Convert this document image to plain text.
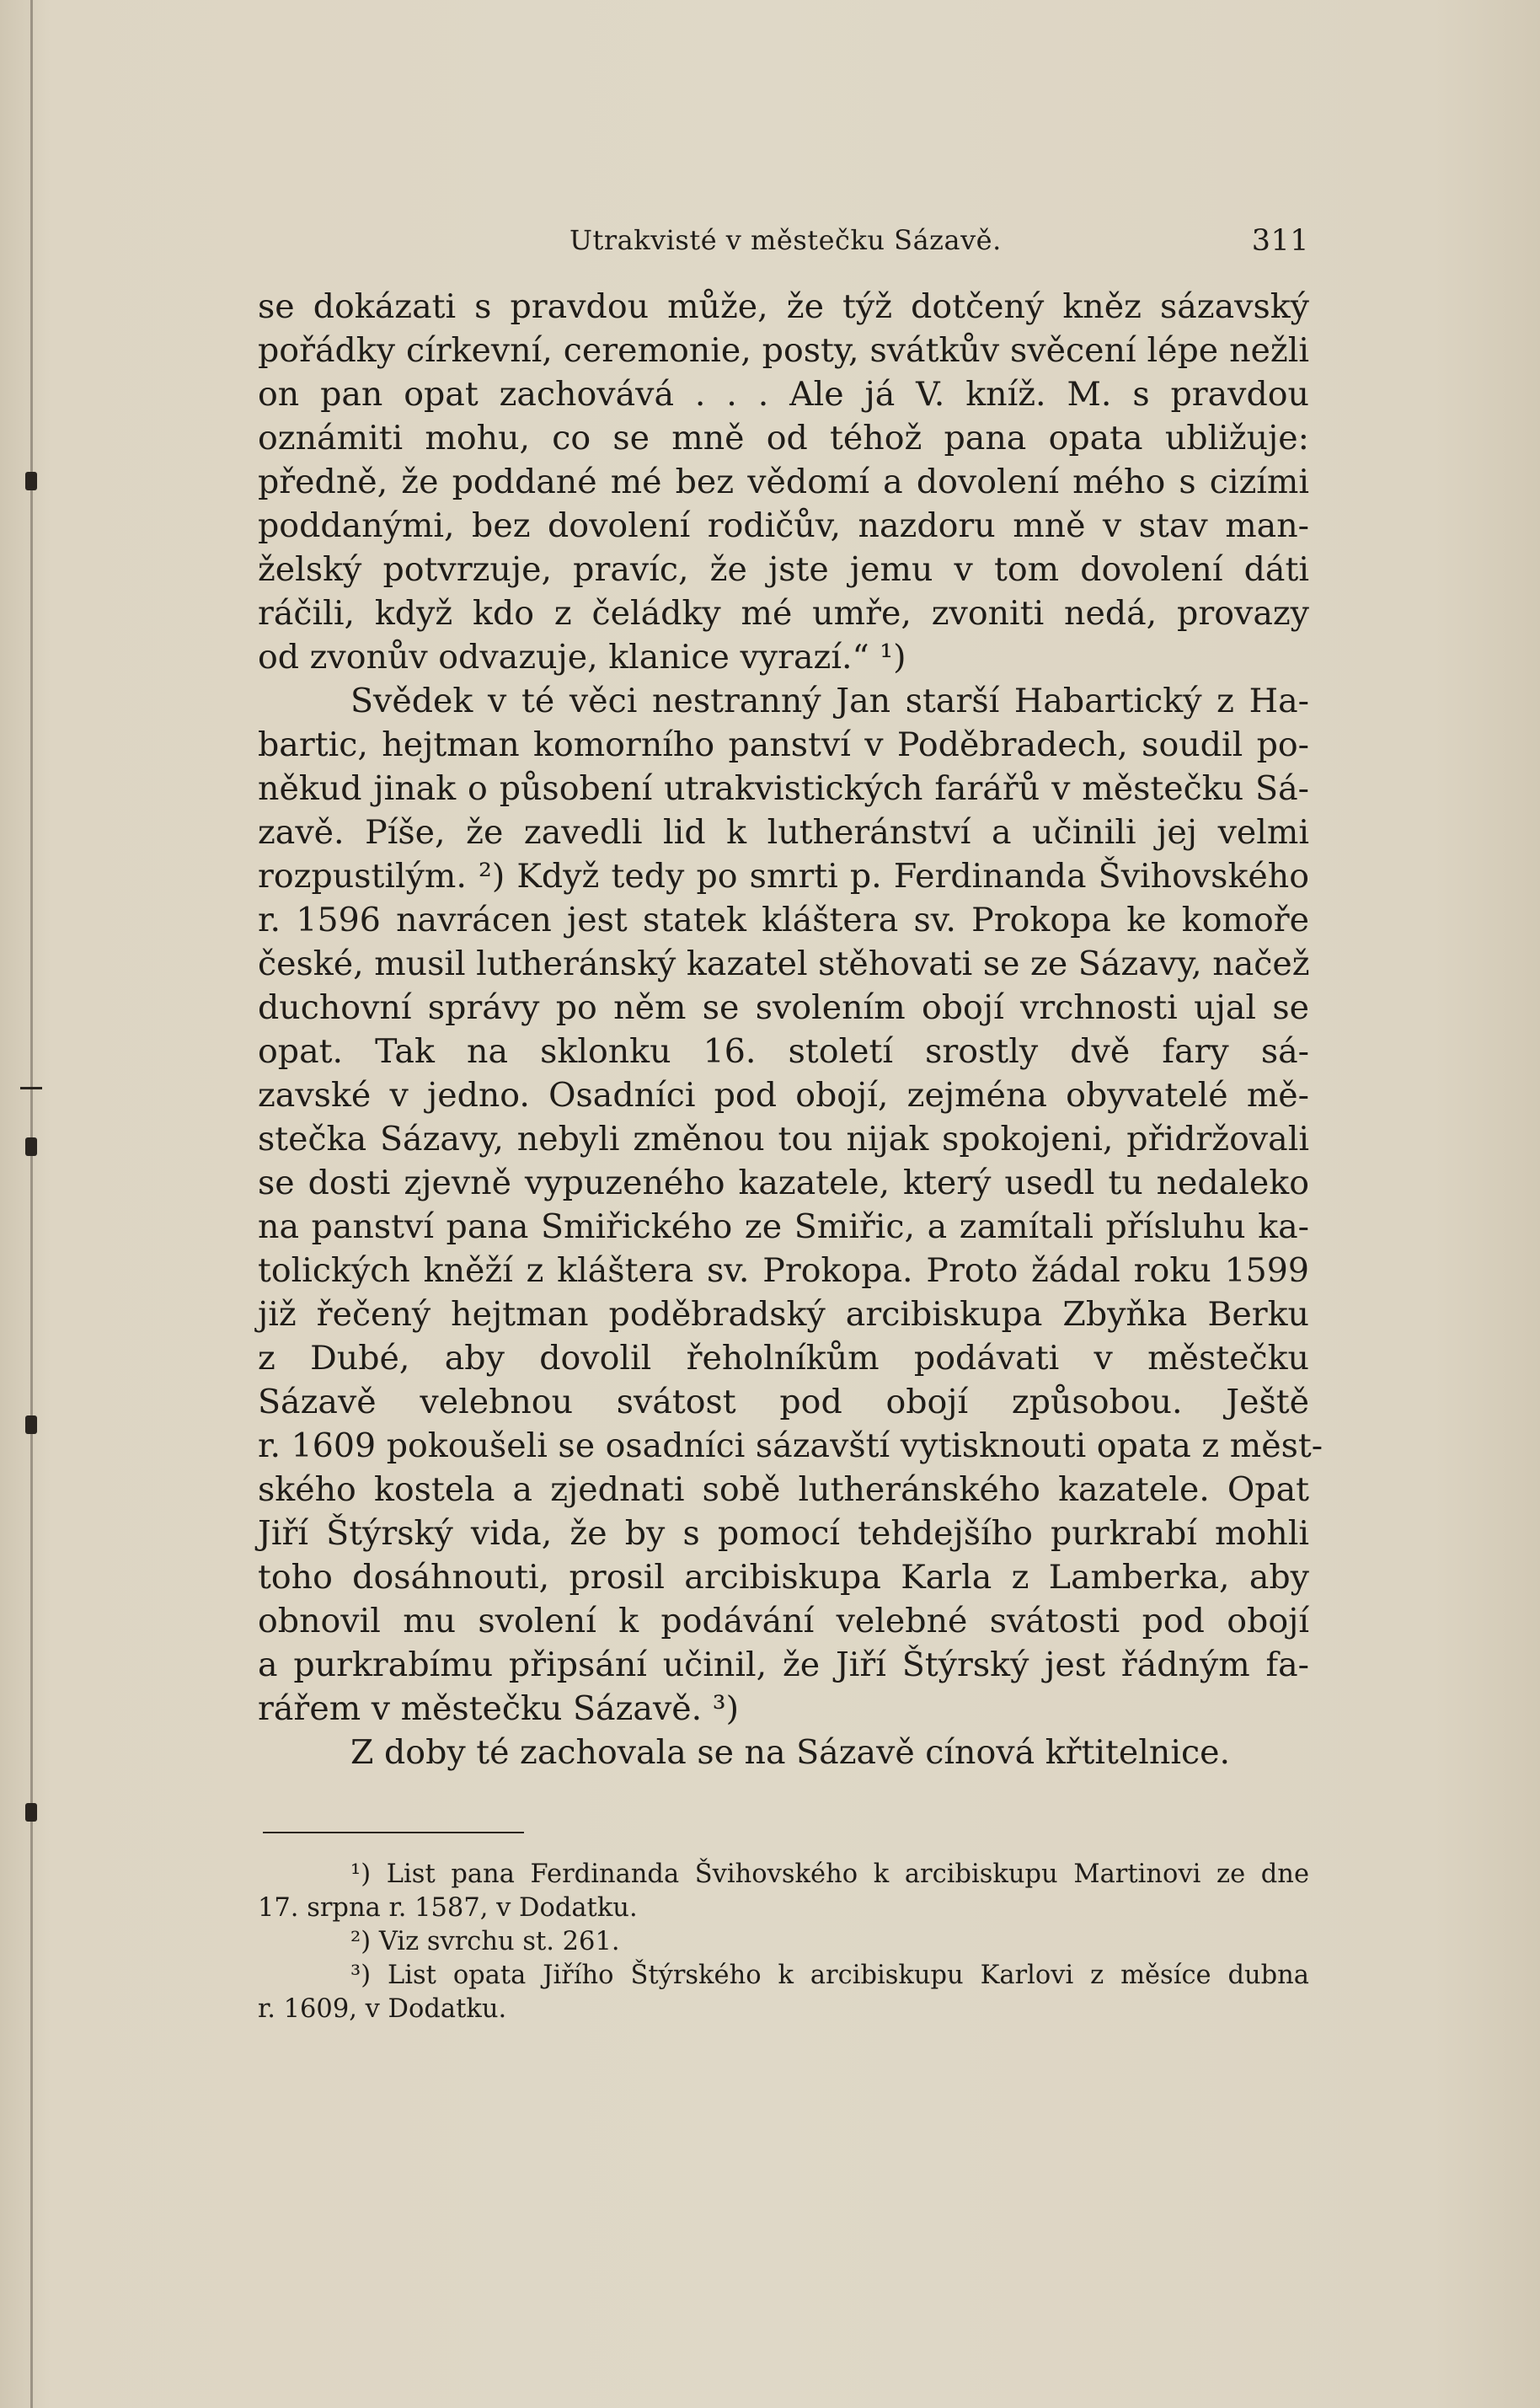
Utrakvisté v městečku Sázavě.	311
se dokázati s pravdou může, že týž dotčený kněz sázavský
pořádky církevní, ceremonie, posty, svátkův svěcení lépe nežli
on pan opat zachovává . . . Ale já V. kníž. M. s pravdou
oznámiti mohu, co se mně od téhož pana opata ubližuje:
předně, že poddané mé bez vědomí a dovolení mého s cizími
poddanými, bez dovolení rodičův, nazdoru mně v stav man-
želský potvrzuje, pravíc, že jste jemu v tom dovolení dáti
ráčili, když kdo z čeládky mé umře, zvoniti nedá, provazy
od zvonův odvazuje, klanice vyrazí.“ ¹)
Svědek v té věci nestranný Jan starší Habartický z Ha-
bartic, hejtman komorního panství v Poděbradech, soudil po-
někud jinak o působení utrakvistických farářů v městečku Sá-
zavě. Píše, že zavedli lid k lutheránství a učinili jej velmi
rozpustilým. ²) Když tedy po smrti p. Ferdinanda Švihovského
r. 1596 navrácen jest statek kláštera sv. Prokopa ke komoře
české, musil lutheránský kazatel stěhovati se ze Sázavy, načež
duchovní správy po něm se svolením obojí vrchnosti ujal se
opat. Tak na sklonku 16. století srostly dvě fary sá-
zavské v jedno. Osadníci pod obojí, zejména obyvatelé mě-
stečka Sázavy, nebyli změnou tou nijak spokojeni, přidržovali
se dosti zjevně vypuzeného kazatele, který usedl tu nedaleko
na panství pana Smiřického ze Smiřic, a zamítali přísluhu ka-
tolických kněží z kláštera sv. Prokopa. Proto žádal roku 1599
již řečený hejtman poděbradský arcibiskupa Zbyňka Berku
z Dubé, aby dovolil řeholníkům podávati v městečku
Sázavě velebnou svátost pod obojí způsobou. Ještě
r. 1609 pokoušeli se osadníci sázavští vytisknouti opata z měst-
ského kostela a zjednati sobě lutheránského kazatele. Opat
Jiří Štýrský vida, že by s pomocí tehdejšího purkrabí mohli
toho dosáhnouti, prosil arcibiskupa Karla z Lamberka, aby
obnovil mu svolení k podávání velebné svátosti pod obojí
a purkrabímu připsání učinil, že Jiří Štýrský jest řádným fa-
rářem v městečku Sázavě. ³)
Z doby té zachovala se na Sázavě cínová křtitelnice.
¹) List pana Ferdinanda Švihovského k arcibiskupu Martinovi ze dne
17. srpna r. 1587, v Dodatku.
²) Viz svrchu st. 261.
³) List opata Jiřího Štýrského k arcibiskupu Karlovi z měsíce dubna
r. 1609, v Dodatku.
